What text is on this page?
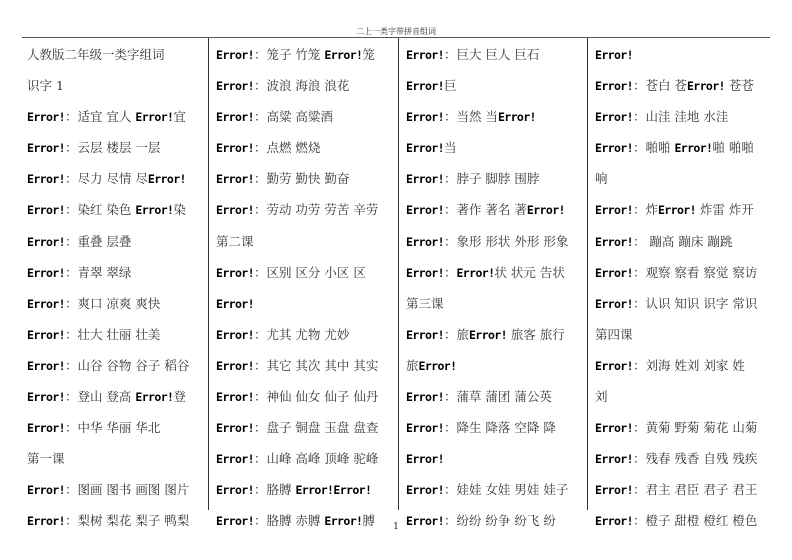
二上一类字带拼音组词
人教版二年级一类字组词
识字 1
Error!：适宜 宜人 Error!宜
Error!：云层 楼层 一层
Error!：尽力 尽情 尽Error!
Error!：染红 染色 Error!染
Error!：重叠 层叠
Error!：青翠 翠绿
Error!：爽口 凉爽 爽快
Error!：壮大 壮丽 壮美
Error!：山谷 谷物 谷子 稻谷
Error!：登山 登高 Error!登
Error!：中华 华丽 华北
第一课
Error!：图画 图书 画图 图片
Error!：梨树 梨花 梨子 鸭梨
Error!：笼子 竹笼 Error!笼
Error!：波浪 海浪 浪花
Error!：高粱 高粱酒
Error!：点燃 燃烧
Error!：勤劳 勤快 勤奋
Error!：劳动 功劳 劳苦 辛劳
第二课
Error!：区别 区分 小区 区
Error!
Error!：尤其 尤物 尤妙
Error!：其它 其次 其中 其实
Error!：神仙 仙女 仙子 仙丹
Error!：盘子 铜盘 玉盘 盘查
Error!：山峰 高峰 顶峰 驼峰
Error!：胳膊 Error!Error!
Error!：胳膊 赤膊 Error!膊
Error!：巨大 巨人 巨石
Error!巨
Error!：当然 当Error!
Error!当
Error!：脖子 脚脖 围脖
Error!：著作 著名 著Error!
Error!：象形 形状 外形 形象
Error!：Error!状 状元 告状
第三课
Error!：旅Error! 旅客 旅行
旅Error!
Error!：蒲草 蒲团 蒲公英
Error!：降生 降落 空降 降
Error!
Error!：娃娃 女娃 男娃 娃子
Error!：纷纷 纷争 纷飞 纷
Error!
Error!：苍白 苍Error! 苍苍
Error!：山洼 洼地 水洼
Error!：啪啪 Error!啪 啪啪
响
Error!：炸Error! 炸雷 炸开
Error!： 蹦高 蹦床 蹦跳
Error!：观察 察看 察觉 察访
Error!：认识 知识 识字 常识
第四课
Error!：刘海 姓刘 刘家 姓
刘
Error!：黄菊 野菊 菊花 山菊
Error!：残春 残香 自残 残疾
Error!：君主 君臣 君子 君王
Error!：橙子 甜橙 橙红 橙色
1
